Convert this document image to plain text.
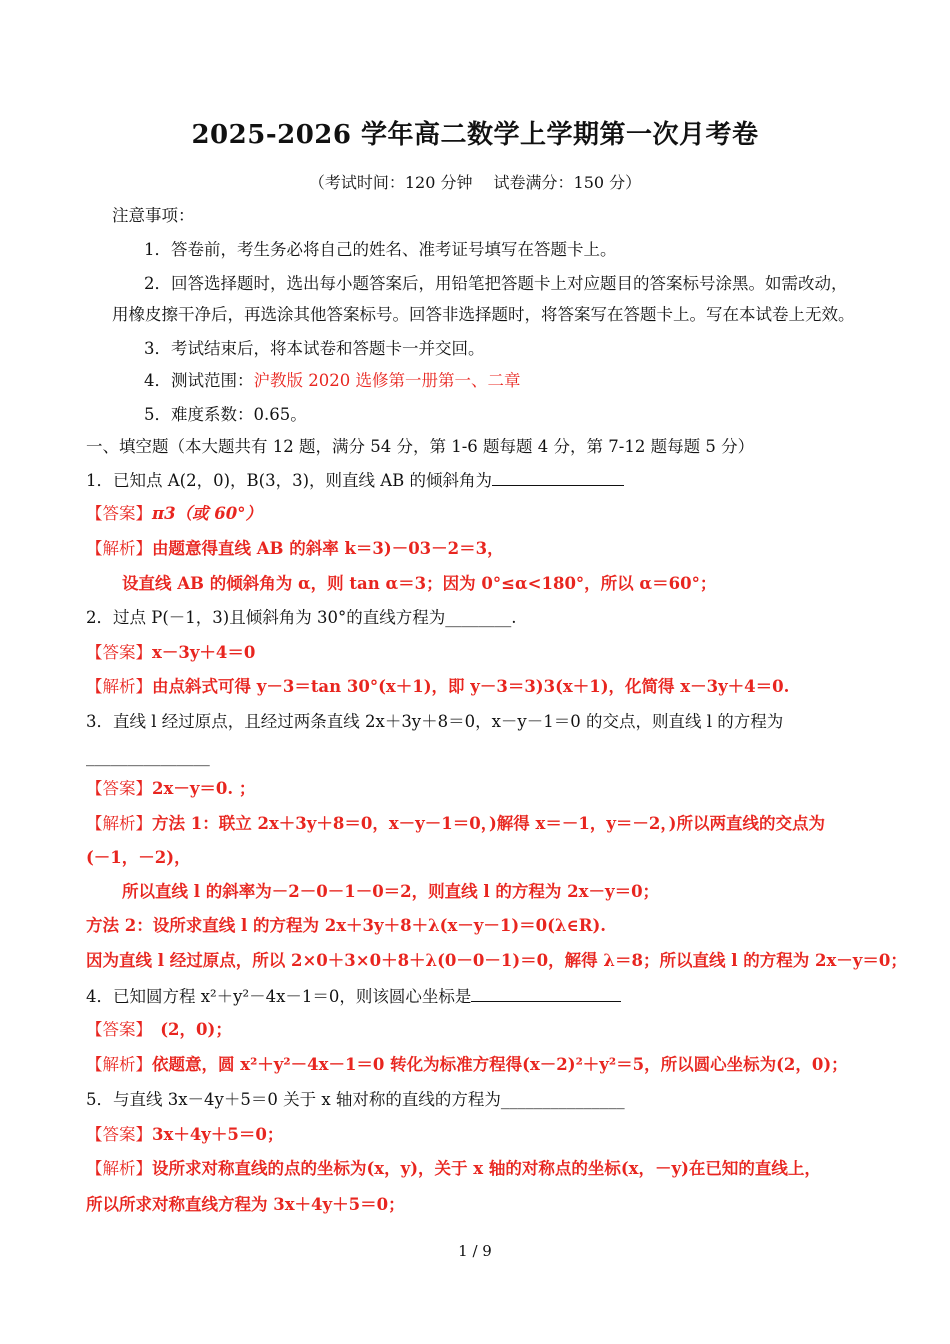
2025-2026 学年高二数学上学期第一次月考卷
（考试时间：120 分钟　 试卷满分：150 分）
注意事项：
1．答卷前，考生务必将自己的姓名、准考证号填写在答题卡上。
2．回答选择题时，选出每小题答案后，用铅笔把答题卡上对应题目的答案标号涂黑。如需改动，
用橡皮擦干净后，再选涂其他答案标号。回答非选择题时，将答案写在答题卡上。写在本试卷上无效。
3．考试结束后，将本试卷和答题卡一并交回。
4．测试范围：沪教版 2020 选修第一册第一、二章
5．难度系数：0.65。
一、填空题（本大题共有 12 题，满分 54 分，第 1-6 题每题 4 分，第 7-12 题每题 5 分）
1．已知点 A(2，0)，B(3，3)，则直线 AB 的倾斜角为
【答案】π3（或 60°）
【解析】由题意得直线 AB 的斜率 k＝3)－03－2＝3，
设直线 AB 的倾斜角为 α，则 tan α＝3；因为 0°≤α<180°，所以 α＝60°；
2．过点 P(－1，3)且倾斜角为 30°的直线方程为________.
【答案】x－3y＋4＝0
【解析】由点斜式可得 y－3＝tan 30°(x＋1)，即 y－3＝3)3(x＋1)，化简得 x－3y＋4＝0.
3．直线 l 经过原点，且经过两条直线 2x＋3y＋8＝0，x－y－1＝0 的交点，则直线 l 的方程为
_______________
【答案】2x－y＝0. ；
【解析】方法 1：联立 2x＋3y＋8＝0，x－y－1＝0，)解得 x＝－1，y＝－2，)所以两直线的交点为
(－1，－2)，
所以直线 l 的斜率为－2－0－1－0＝2，则直线 l 的方程为 2x－y＝0；
方法 2：设所求直线 l 的方程为 2x＋3y＋8＋λ(x－y－1)＝0(λ∈R).
因为直线 l 经过原点，所以 2×0＋3×0＋8＋λ(0－0－1)＝0，解得 λ＝8；所以直线 l 的方程为 2x－y＝0；
4．已知圆方程 x²＋y²－4x－1＝0，则该圆心坐标是
【答案】　(2，0)；
【解析】依题意，圆 x²＋y²－4x－1＝0 转化为标准方程得(x－2)²＋y²＝5，所以圆心坐标为(2，0)；
5．与直线 3x－4y＋5＝0 关于 x 轴对称的直线的方程为_______________
【答案】3x＋4y＋5＝0；
【解析】设所求对称直线的点的坐标为(x，y)，关于 x 轴的对称点的坐标(x，－y)在已知的直线上，
所以所求对称直线方程为 3x＋4y＋5＝0；
1 / 9
